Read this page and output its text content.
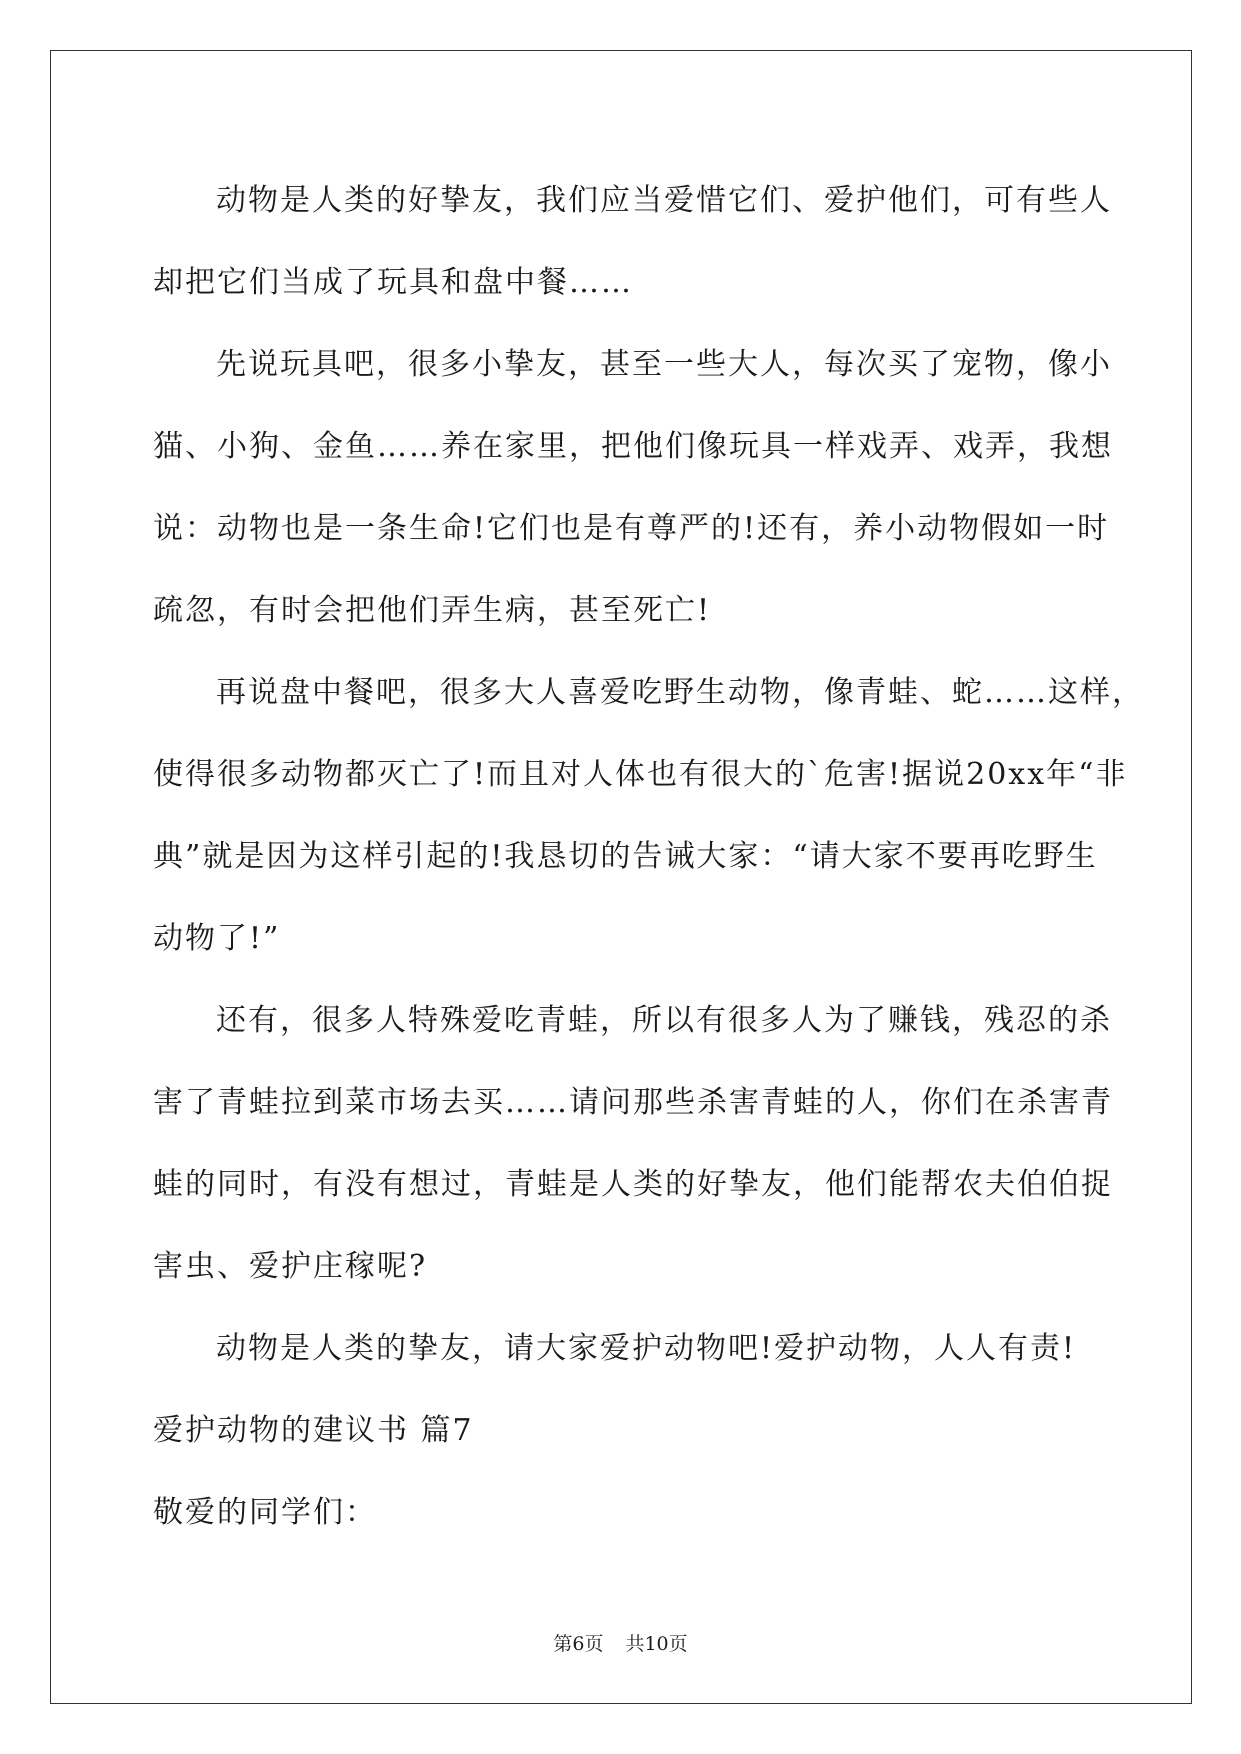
动物是人类的好挚友，我们应当爱惜它们、爱护他们，可有些人
却把它们当成了玩具和盘中餐……
先说玩具吧，很多小挚友，甚至一些大人，每次买了宠物，像小
猫、小狗、金鱼……养在家里，把他们像玩具一样戏弄、戏弄，我想
说：动物也是一条生命!它们也是有尊严的!还有，养小动物假如一时
疏忽，有时会把他们弄生病，甚至死亡!
再说盘中餐吧，很多大人喜爱吃野生动物，像青蛙、蛇……这样，
使得很多动物都灭亡了!而且对人体也有很大的`危害!据说20xx年“非
典”就是因为这样引起的!我恳切的告诫大家：“请大家不要再吃野生
动物了!”
还有，很多人特殊爱吃青蛙，所以有很多人为了赚钱，残忍的杀
害了青蛙拉到菜市场去买……请问那些杀害青蛙的人，你们在杀害青
蛙的同时，有没有想过，青蛙是人类的好挚友，他们能帮农夫伯伯捉
害虫、爱护庄稼呢?
动物是人类的挚友，请大家爱护动物吧!爱护动物，人人有责!
爱护动物的建议书 篇7
敬爱的同学们：
第6页 共10页
